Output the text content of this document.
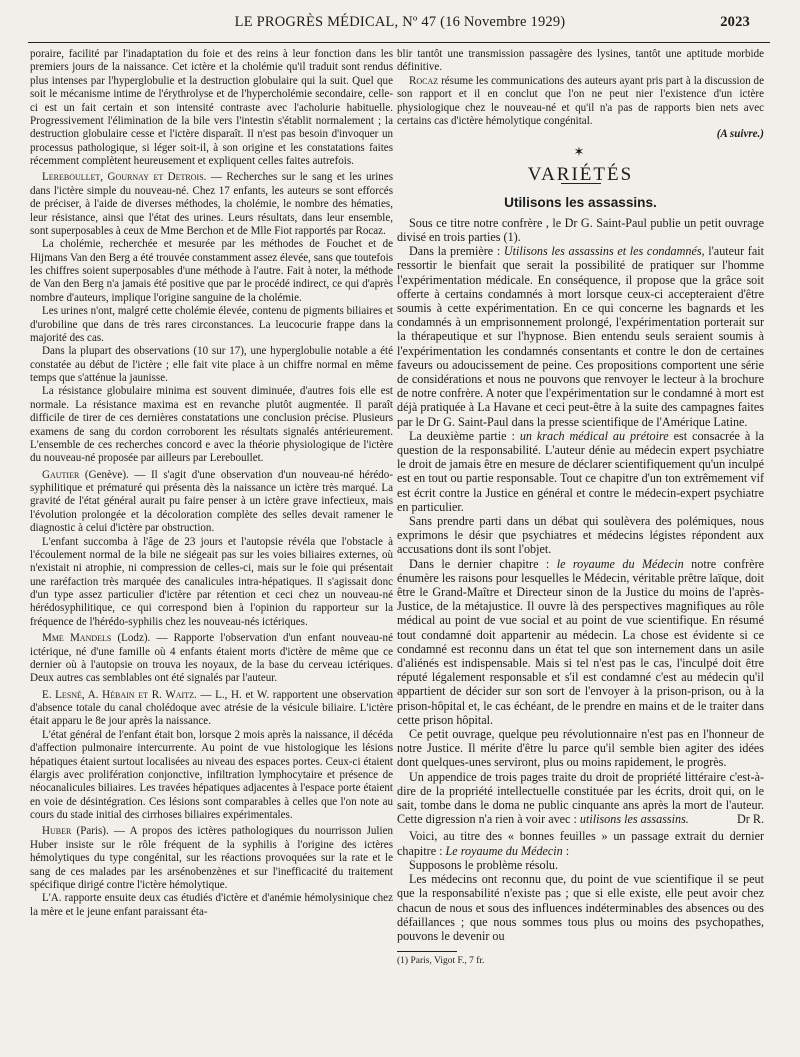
LE PROGRÈS MÉDICAL, Nº 47 (16 Novembre 1929)	2023

poraire, facilité par l'inadaptation du foie et des reins à leur fonction dans les premiers jours de la naissance. Cet ictère et la cholémie qu'il traduit sont rendus plus intenses par l'hyperglobulie et la destruction globulaire qui la suit. Quel que soit le mécanisme intime de l'érythrolyse et de l'hypercholémie secondaire, celle-ci est un fait certain et son intensité contraste avec l'acholurie habituelle. Progressivement l'élimination de la bile vers l'intestin s'établit normalement ; la destruction globulaire cesse et l'ictère disparaît. Il n'est pas besoin d'invoquer un processus pathologique, si léger soit-il, à son origine et les constatations faites récemment complètent heureusement et expliquent celles faites autrefois.

Lereboullet, Gournay et Detrois. — Recherches sur le sang et les urines dans l'ictère simple du nouveau-né. Chez 17 enfants, les auteurs se sont efforcés de préciser, à l'aide de diverses méthodes, la cholémie, le nombre des hématies, leur résistance, ainsi que l'état des urines. Leurs résultats, dans leur ensemble, sont superposables à ceux de Mme Berchon et de Mlle Fiot rapportés par Rocaz.

La cholémie, recherchée et mesurée par les méthodes de Fouchet et de Hijmans Van den Berg a été trouvée constamment assez élevée, sans que toutefois les chiffres soient superposables d'une méthode à l'autre. Fait à noter, la méthode de Van den Berg n'a jamais été positive que par le procédé indirect, ce qui d'après nombre d'auteurs, implique l'origine sanguine de la cholémie.

Les urines n'ont, malgré cette cholémie élevée, contenu de pigments biliaires et d'urobiline que dans de très rares circonstances. La leucocurie frappe dans la majorité des cas.

Dans la plupart des observations (10 sur 17), une hyperglobulie notable a été constatée au début de l'ictère ; elle fait vite place à un chiffre normal en même temps que s'atténue la jaunisse.

La résistance globulaire minima est souvent diminuée, d'autres fois elle est normale. La résistance maxima est en revanche plutôt augmentée. Il paraît difficile de tirer de ces dernières constatations une conclusion précise. Plusieurs examens de sang du cordon corroborent les résultats signalés antérieurement. L'ensemble de ces recherches concord e avec la théorie physiologique de l'ictère du nouveau-né proposée par ailleurs par Lereboullet.

Gautier (Genève). — Il s'agit d'une observation d'un nouveau-né hérédo-syphilitique et prématuré qui présenta dès la naissance un ictère très marqué. La gravité de l'état général aurait pu faire penser à un ictère grave infectieux, mais l'évolution prolongée et la décoloration complète des selles devait ramener le diagnostic à celui d'ictère par obstruction.

L'enfant succomba à l'âge de 23 jours et l'autopsie révéla que l'obstacle à l'écoulement normal de la bile ne siégeait pas sur les voies biliaires externes, où n'existait ni atrophie, ni compression de celles-ci, mais sur le foie qui présentait une raréfaction très marquée des canalicules intra-hépatiques. Il s'agissait donc d'un type assez particulier d'ictère par rétention et ceci chez un nouveau-né hérédosyphilitique, ce qui correspond bien à l'opinion du rapporteur sur la fréquence de l'hérédo-syphilis chez les nouveau-nés ictériques.

Mme Mandels (Lodz). — Rapporte l'observation d'un enfant nouveau-né ictérique, né d'une famille où 4 enfants étaient morts d'ictère de même que ce dernier où à l'autopsie on trouva les noyaux, de la base du cerveau ictériques. Deux autres cas semblables ont été signalés par l'auteur.

E. Lesné, A. Hébain et R. Waitz. — L., H. et W. rapportent une observation d'absence totale du canal cholédoque avec atrésie de la vésicule biliaire. L'ictère était apparu le 8e jour après la naissance.

L'état général de l'enfant était bon, lorsque 2 mois après la naissance, il décéda d'affection pulmonaire intercurrente. Au point de vue histologique les lésions hépatiques étaient surtout localisées au niveau des espaces portes. Ceux-ci étaient élargis avec prolifération conjonctive, infiltration lymphocytaire et présence de néocanalicules biliaires. Les travées hépatiques adjacentes à l'espace porte étaient en voie de désintégration. Ces lésions sont comparables à celles que l'on note au cours du stade initial des cirrhoses biliaires expérimentales.

Huber (Paris). — A propos des ictères pathologiques du nourrisson Julien Huber insiste sur le rôle fréquent de la syphilis à l'origine des ictères hémolytiques du type congénital, sur les réactions provoquées sur la rate et le sang de ces malades par les arsénobenzènes et sur l'inefficacité du traitement spécifique dirigé contre l'ictère hémolytique.

L'A. rapporte ensuite deux cas étudiés d'ictère et d'anémie hémolysinique chez la mère et le jeune enfant paraissant éta-

blir tantôt une transmission passagère des lysines, tantôt une aptitude morbide définitive.

Rocaz résume les communications des auteurs ayant pris part à la discussion de son rapport et il en conclut que l'on ne peut nier l'existence d'un ictère physiologique chez le nouveau-né et qu'il n'a pas de rapports bien nets avec certains cas d'ictère hémolytique congénital.

(A suivre.)

✶
VARIÉTÉS
Utilisons les assassins.

Sous ce titre notre confrère , le Dr G. Saint-Paul publie un petit ouvrage divisé en trois parties (1).

Dans la première : Utilisons les assassins et les condamnés, l'auteur fait ressortir le bienfait que serait la possibilité de pratiquer sur l'homme l'expérimentation médicale. En conséquence, il propose que la grâce soit offerte à certains condamnés à mort lorsque ceux-ci accepteraient d'être soumis à cette expérimentation. En ce qui concerne les bagnards et les condamnés à un emprisonnement prolongé, l'expérimentation porterait sur la thérapeutique et sur l'hypnose. Bien entendu seuls seraient soumis à l'expérimentation les condamnés consentants et contre le don de certaines faveurs ou adoucissement de peine. Ces propositions comportent une série de considérations et nous ne pouvons que renvoyer le lecteur à la brochure de notre confrère. A noter que l'expérimentation sur le condamné à mort est déjà pratiquée à La Havane et ceci peut-être à la suite des campagnes faites par le Dr G. Saint-Paul dans la presse scientifique de l'Amérique Latine.

La deuxième partie : un krach médical au prétoire est consacrée à la question de la responsabilité. L'auteur dénie au médecin expert psychiatre le droit de jamais être en mesure de déclarer scientifiquement qu'un inculpé est en tout ou partie responsable. Tout ce chapitre d'un ton extrêmement vif est écrit contre la Justice en général et contre le médecin-expert psychiatre en particulier.

Sans prendre parti dans un débat qui soulèvera des polémiques, nous exprimons le désir que psychiatres et médecins légistes répondent aux accusations dont ils sont l'objet.

Dans le dernier chapitre : le royaume du Médecin notre confrère énumère les raisons pour lesquelles le Médecin, véritable prêtre laïque, doit être le Grand-Maître et Directeur sinon de la Justice du moins de l'après-Justice, de la métajustice. Il ouvre là des perspectives magnifiques au rôle médical au point de vue social et au point de vue scientifique. En résumé tout condamné doit appartenir au médecin. La chose est évidente si ce condamné est reconnu dans un état tel que son internement dans un asile d'aliénés est indispensable. Mais si tel n'est pas le cas, l'inculpé doit être réputé légalement responsable et s'il est condamné c'est au médecin qu'il appartient de décider sur son sort de l'envoyer à la prison-prison, ou à la prison-hôpital et, le cas échéant, de le prendre en mains et de le traiter dans cette prison hôpital.

Ce petit ouvrage, quelque peu révolutionnaire n'est pas en l'honneur de notre Justice. Il mérite d'être lu parce qu'il semble bien agiter des idées dont quelques-unes serviront, plus ou moins rapidement, le progrès.

Un appendice de trois pages traite du droit de propriété littéraire c'est-à-dire de la propriété intellectuelle constituée par les écrits, droit qui, on le sait, tombe dans le doma ne public cinquante ans après la mort de l'auteur. Cette digression n'a rien à voir avec : utilisons les assassins.	Dr R.

Voici, au titre des « bonnes feuilles » un passage extrait du dernier chapitre : Le royaume du Médecin :

Supposons le problème résolu.

Les médecins ont reconnu que, du point de vue scientifique il se peut que la responsabilité n'existe pas ; que si elle existe, elle peut avoir chez chacun de nous et sous des influences indéterminables des absences ou des défaillances ; que nous sommes tous plus ou moins des psychopathes, pouvons le devenir ou

(1) Paris, Vigot F., 7 fr.
